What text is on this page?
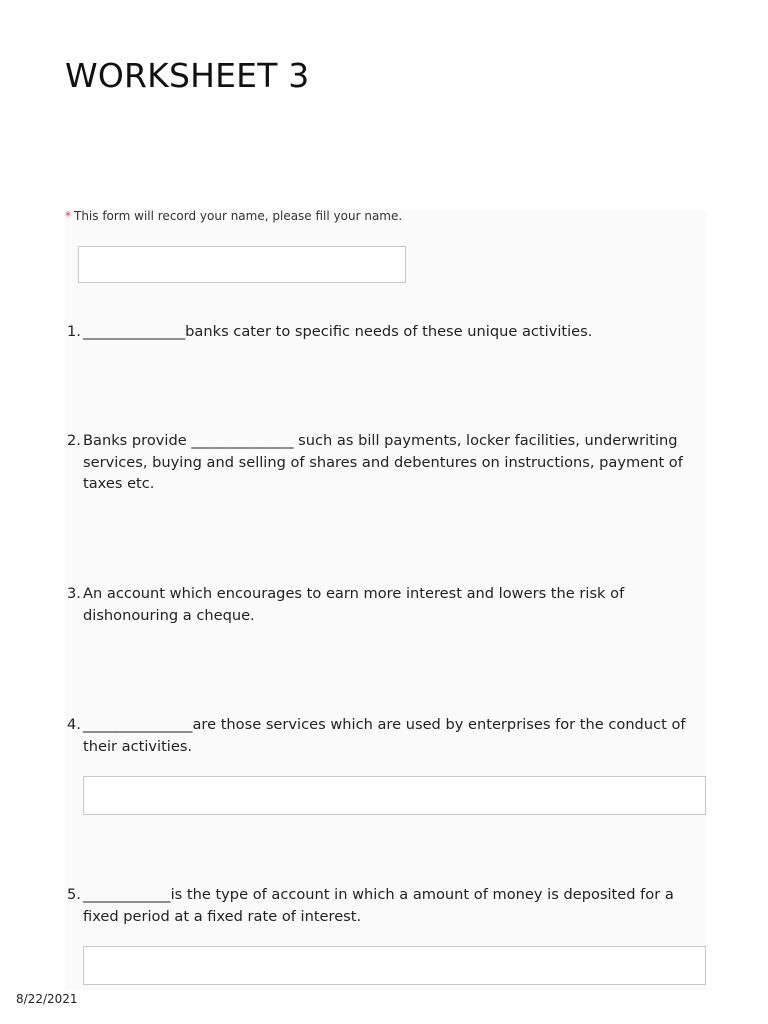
WORKSHEET 3
* This form will record your name, please fill your name.
1. ______________banks cater to specific needs of these unique activities.
2. Banks provide ______________ such as bill payments, locker facilities, underwriting services, buying and selling of shares and debentures on instructions, payment of taxes etc.
3. An account which encourages to earn more interest and lowers the risk of dishonouring a cheque.
4. _______________are those services which are used by enterprises for the conduct of their activities.
5. ____________is the type of account in which a amount of money is deposited for a fixed period at a fixed rate of interest.
8/22/2021
